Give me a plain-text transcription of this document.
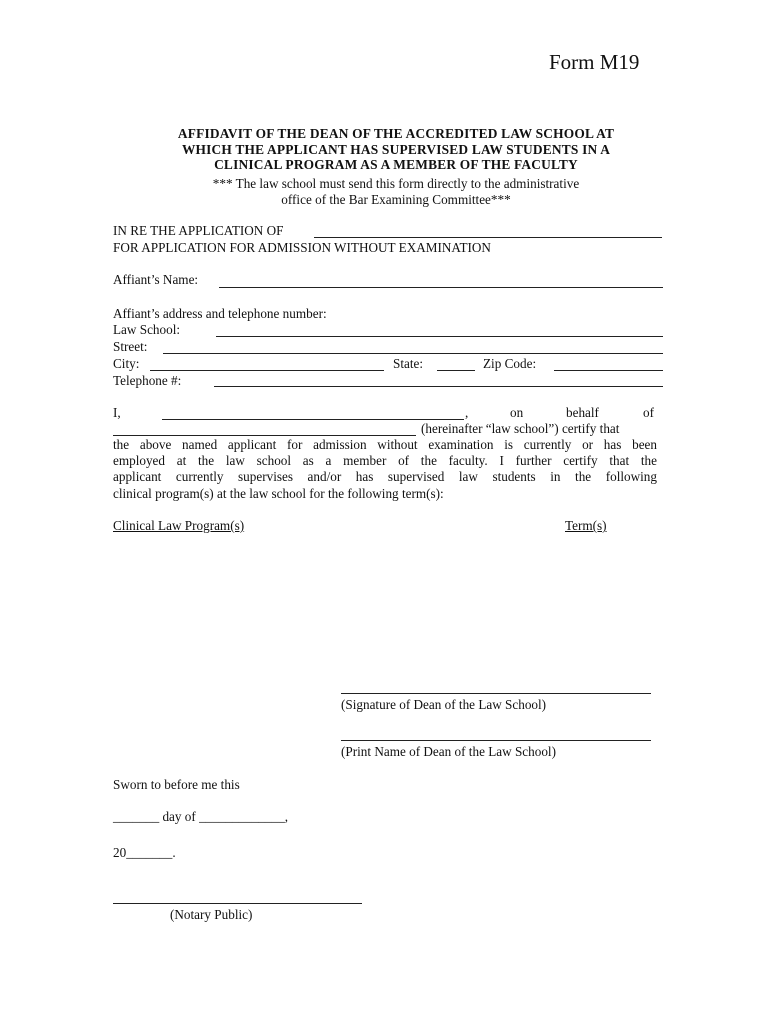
Form M19
AFFIDAVIT OF THE DEAN OF THE ACCREDITED LAW SCHOOL AT
WHICH THE APPLICANT HAS SUPERVISED LAW STUDENTS IN A
CLINICAL PROGRAM AS A MEMBER OF THE FACULTY
*** The law school must send this form directly to the administrative
office of the Bar Examining Committee***
IN RE THE APPLICATION OF
FOR APPLICATION FOR ADMISSION WITHOUT EXAMINATION
Affiant’s Name:
Affiant’s address and telephone number:
Law School:
Street:
City:	State:	Zip Code:
Telephone #:
I,	,	on	behalf	of
(hereinafter “law school”) certify that
the above named applicant for admission without examination is currently or has been
employed at the law school as a member of the faculty. I further certify that the
applicant currently supervises and/or has supervised law students in the following
clinical program(s) at the law school for the following term(s):
Clinical Law Program(s)	Term(s)
(Signature of Dean of the Law School)
(Print Name of Dean of the Law School)
Sworn to before me this
_______ day of _____________,
20_______.
(Notary Public)
